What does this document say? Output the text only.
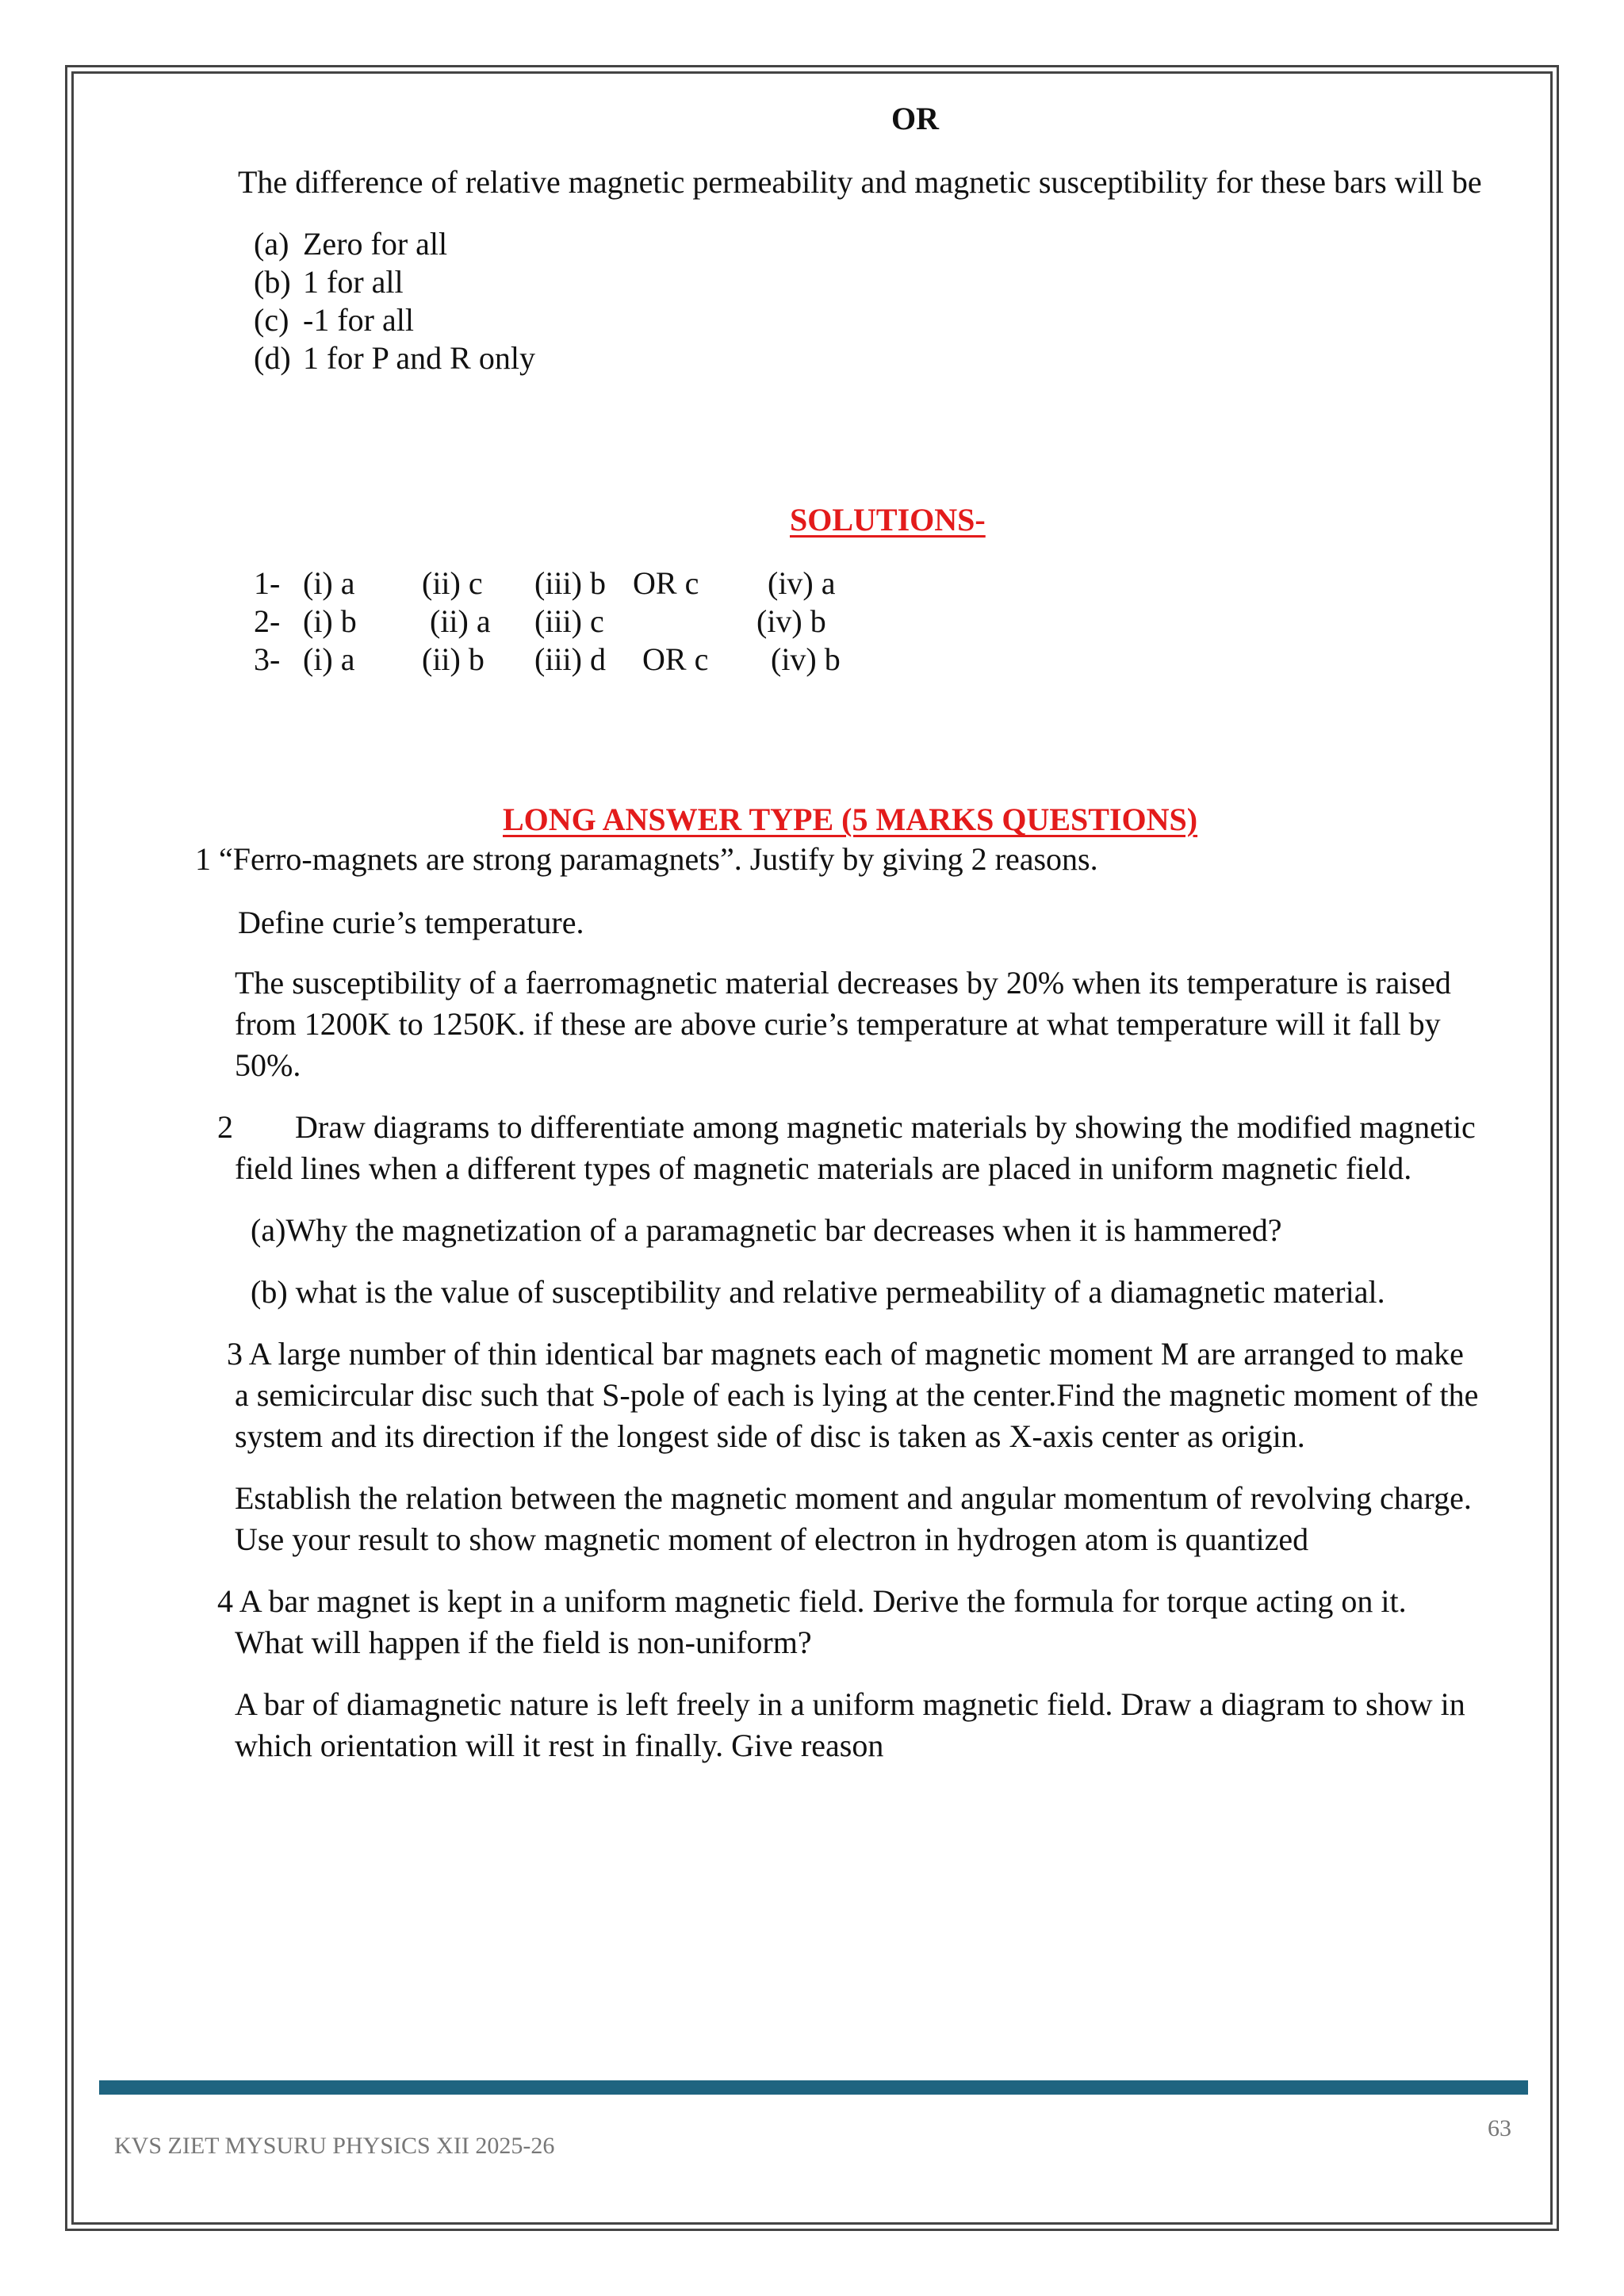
OR
The difference of relative magnetic permeability and magnetic susceptibility for these bars will be
(a) Zero for all
(b) 1 for all
(c) -1 for all
(d) 1 for P and R only
SOLUTIONS-
1- (i) a (ii) c (iii) b OR c (iv) a
2- (i) b (ii) a (iii) c	(iv) b
3- (i) a (ii) b (iii) d OR c (iv) b
LONG ANSWER TYPE (5 MARKS QUESTIONS)
1 “Ferro-magnets are strong paramagnets”. Justify by giving 2 reasons.
Define curie’s temperature.
The susceptibility of a faerromagnetic material decreases by 20% when its temperature is raised
from 1200K to 1250K. if these are above curie’s temperature at what temperature will it fall by
50%.
2 Draw diagrams to differentiate among magnetic materials by showing the modified magnetic
field lines when a different types of magnetic materials are placed in uniform magnetic field.
(a)Why the magnetization of a paramagnetic bar decreases when it is hammered?
(b) what is the value of susceptibility and relative permeability of a diamagnetic material.
3 A large number of thin identical bar magnets each of magnetic moment M are arranged to make
a semicircular disc such that S-pole of each is lying at the center.Find the magnetic moment of the
system and its direction if the longest side of disc is taken as X-axis center as origin.
Establish the relation between the magnetic moment and angular momentum of revolving charge.
Use your result to show magnetic moment of electron in hydrogen atom is quantized
4 A bar magnet is kept in a uniform magnetic field. Derive the formula for torque acting on it.
What will happen if the field is non-uniform?
A bar of diamagnetic nature is left freely in a uniform magnetic field. Draw a diagram to show in
which orientation will it rest in finally. Give reason
KVS ZIET MYSURU PHYSICS XII 2025-26
63
